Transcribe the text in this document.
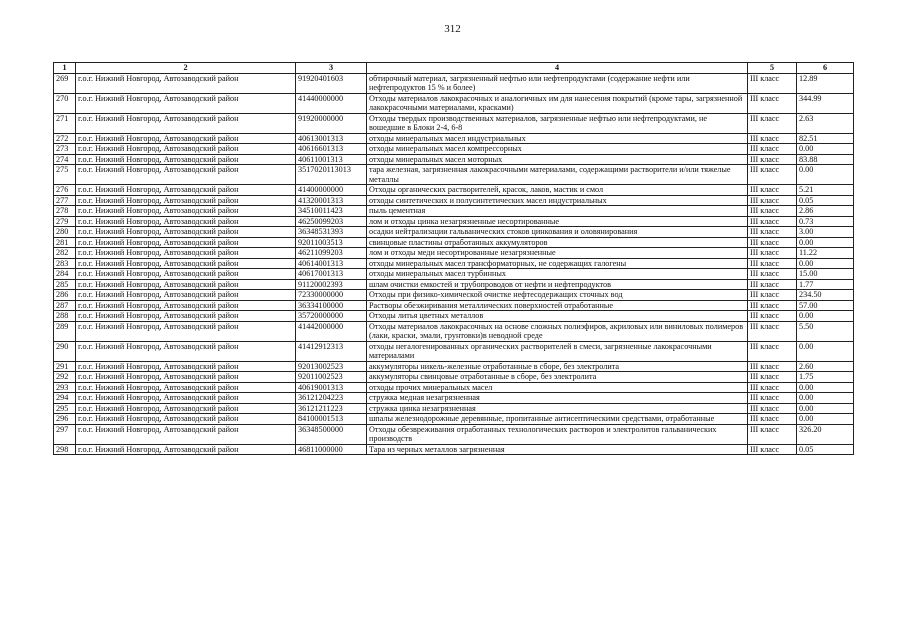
312
1	2	3	4	5	6
269	г.о.г. Нижний Новгород, Автозаводский район	91920401603	обтирочный материал, загрязненный нефтью или нефтепродуктами (содержание нефти или нефтепродуктов 15 % и более)	III класс	12.89
270	г.о.г. Нижний Новгород, Автозаводский район	41440000000	Отходы материалов лакокрасочных и аналогичных им для нанесения покрытий (кроме тары, загрязненной лакокрасочными материалами, красками)	III класс	344.99
271	г.о.г. Нижний Новгород, Автозаводский район	91920000000	Отходы твердых производственных материалов, загрязненные нефтью или нефтепродуктами, не вошедшие в Блоки 2-4, 6-8	III класс	2.63
272	г.о.г. Нижний Новгород, Автозаводский район	40613001313	отходы минеральных масел индустриальных	III класс	82.51
273	г.о.г. Нижний Новгород, Автозаводский район	40616601313	отходы минеральных масел компрессорных	III класс	0.00
274	г.о.г. Нижний Новгород, Автозаводский район	40611001313	отходы минеральных масел моторных	III класс	83.88
275	г.о.г. Нижний Новгород, Автозаводский район	3517020113013	тара железная, загрязненная лакокрасочными материалами, содержащими растворители и/или тяжелые металлы	III класс	0.00
276	г.о.г. Нижний Новгород, Автозаводский район	41400000000	Отходы органических растворителей, красок, лаков, мастик и смол	III класс	5.21
277	г.о.г. Нижний Новгород, Автозаводский район	41320001313	отходы синтетических и полусинтетических масел индустриальных	III класс	0.05
278	г.о.г. Нижний Новгород, Автозаводский район	34510011423	пыль цементная	III класс	2.86
279	г.о.г. Нижний Новгород, Автозаводский район	46250099203	лом и отходы цинка незагрязненные несортированные	III класс	0.73
280	г.о.г. Нижний Новгород, Автозаводский район	36348531393	осадки нейтрализации гальванических стоков цинкования и оловянирования	III класс	3.00
281	г.о.г. Нижний Новгород, Автозаводский район	92011003513	свинцовые пластины отработанных аккумуляторов	III класс	0.00
282	г.о.г. Нижний Новгород, Автозаводский район	46211099203	лом и отходы меди несортированные незагрязненные	III класс	11.22
283	г.о.г. Нижний Новгород, Автозаводский район	40614001313	отходы минеральных масел трансформаторных, не содержащих галогены	III класс	0.00
284	г.о.г. Нижний Новгород, Автозаводский район	40617001313	отходы минеральных масел турбинных	III класс	15.00
285	г.о.г. Нижний Новгород, Автозаводский район	91120002393	шлам очистки емкостей и трубопроводов от нефти и нефтепродуктов	III класс	1.77
286	г.о.г. Нижний Новгород, Автозаводский район	72330000000	Отходы при физико-химической очистке нефтесодержащих сточных вод	III класс	234.50
287	г.о.г. Нижний Новгород, Автозаводский район	36334100000	Растворы обезжиривания металлических поверхностей отработанные	III класс	57.00
288	г.о.г. Нижний Новгород, Автозаводский район	35720000000	Отходы литья цветных металлов	III класс	0.00
289	г.о.г. Нижний Новгород, Автозаводский район	41442000000	Отходы материалов лакокрасочных на основе сложных полиэфиров, акриловых или виниловых полимеров (лаки, краски, эмали, грунтовки)в неводной среде	III класс	5.50
290	г.о.г. Нижний Новгород, Автозаводский район	41412912313	отходы негалогенированных органических растворителей в смеси, загрязненные лакокрасочными материалами	III класс	0.00
291	г.о.г. Нижний Новгород, Автозаводский район	92013002523	аккумуляторы никель-железные отработанные в сборе, без электролита	III класс	2.60
292	г.о.г. Нижний Новгород, Автозаводский район	92011002523	аккумуляторы свинцовые отработанные в сборе, без электролита	III класс	1.75
293	г.о.г. Нижний Новгород, Автозаводский район	40619001313	отходы прочих минеральных масел	III класс	0.00
294	г.о.г. Нижний Новгород, Автозаводский район	36121204223	стружка медная незагрязненная	III класс	0.00
295	г.о.г. Нижний Новгород, Автозаводский район	36121211223	стружка цинка незагрязненная	III класс	0.00
296	г.о.г. Нижний Новгород, Автозаводский район	84100001513	шпалы железнодорожные деревянные, пропитанные антисептическими средствами, отработанные	III класс	0.00
297	г.о.г. Нижний Новгород, Автозаводский район	36348500000	Отходы обезвреживания отработанных технологических растворов и электролитов гальванических производств	III класс	326.20
298	г.о.г. Нижний Новгород, Автозаводский район	46811000000	Тара из черных металлов загрязненная	III класс	0.05
